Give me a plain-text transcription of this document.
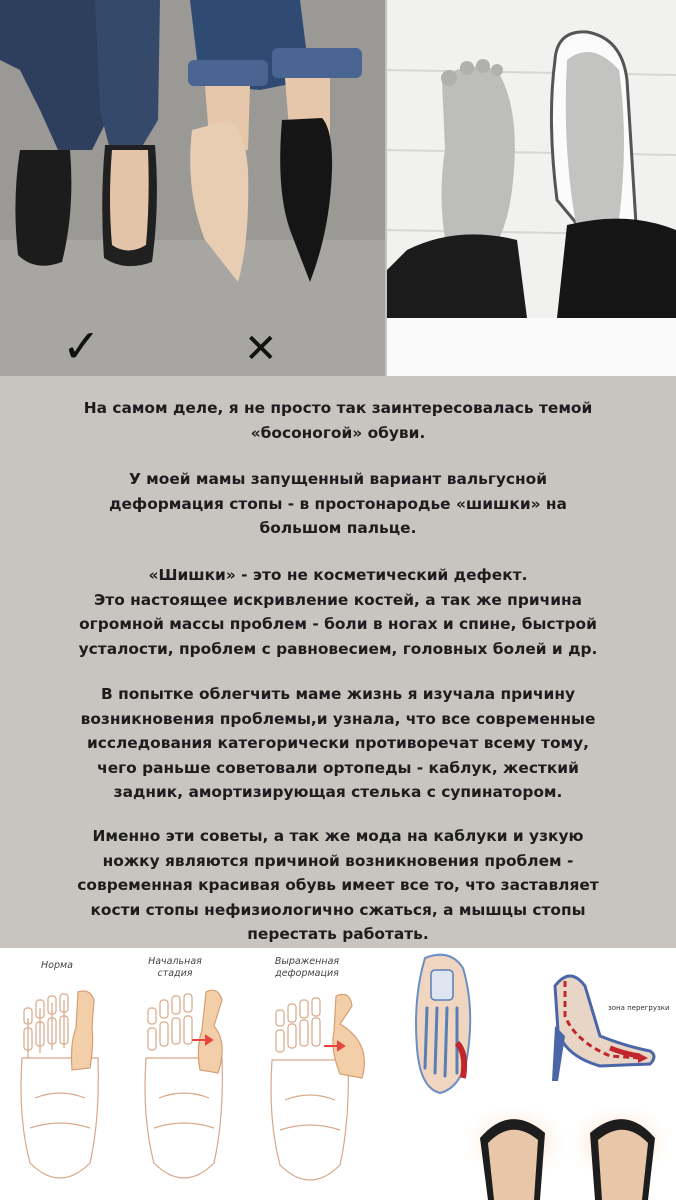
✓	✕

На самом деле, я не просто так заинтересовалась темой
«босоногой» обуви.

У моей мамы запущенный вариант вальгусной
деформация стопы - в простонародье «шишки» на
большом пальце.

«Шишки» - это не косметический дефект.
Это настоящее искривление костей, а так же причина
огромной массы проблем - боли в ногах и спине, быстрой
усталости, проблем с равновесием, головных болей и др.

В попытке облегчить маме жизнь я изучала причину
возникновения проблемы,и узнала, что все современные
исследования категорически противоречат всему тому,
чего раньше советовали ортопеды - каблук, жесткий
задник, амортизирующая стелька с супинатором.

Именно эти советы, а так же мода на каблуки и узкую
ножку являются причиной возникновения проблем -
современная красивая обувь имеет все то, что заставляет
кости стопы нефизиологично сжаться, а мышцы стопы
перестать работать.

Норма	Начальная стадия
Выраженная деформация
зона перегрузки
